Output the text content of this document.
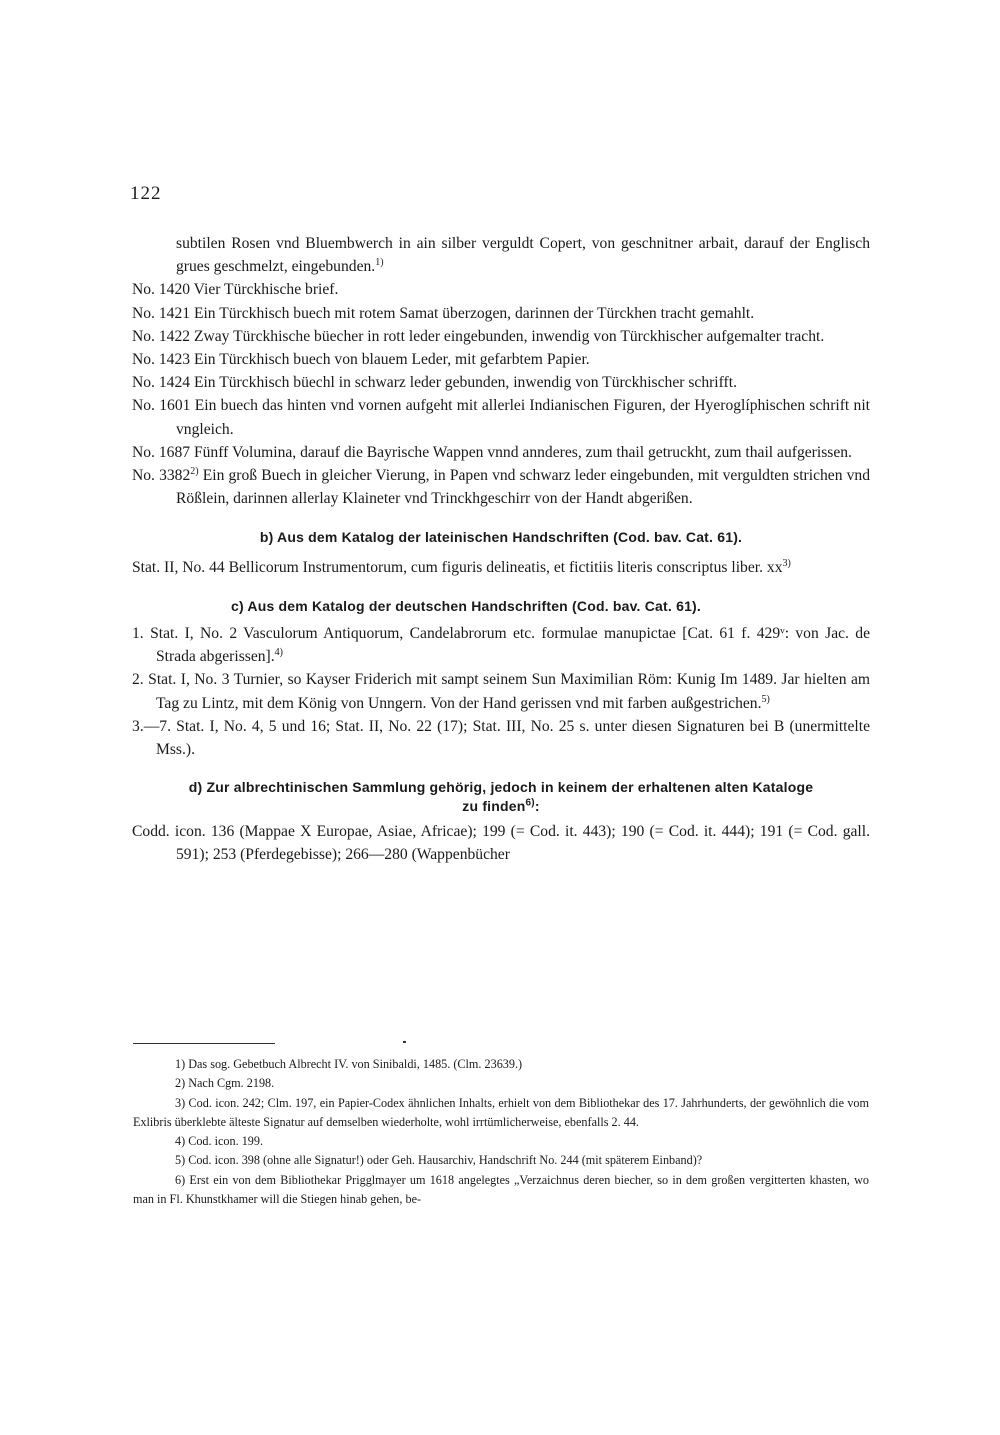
122
subtilen Rosen vnd Bluembwerch in ain silber verguldt Copert, von geschnitner arbait, darauf der Englisch grues geschmelzt, eingebunden.$^{1)}$
No. 1420 Vier Türckhische brief.
No. 1421 Ein Türckhisch buech mit rotem Samat überzogen, darinnen der Türckhen tracht gemahlt.
No. 1422 Zway Türckhische büecher in rott leder eingebunden, inwendig von Türckhischer aufgemalter tracht.
No. 1423 Ein Türckhisch buech von blauem Leder, mit gefarbtem Papier.
No. 1424 Ein Türckhisch büechl in schwarz leder gebunden, inwendig von Türckhischer schrifft.
No. 1601 Ein buech das hinten vnd vornen aufgeht mit allerlei Indianischen Figuren, der Hyeroglíphischen schrift nit vngleich.
No. 1687 Fünff Volumina, darauf die Bayrische Wappen vnnd annderes, zum thail getruckht, zum thail aufgerissen.
No. 3382$^{2)}$ Ein groß Buech in gleicher Vierung, in Papen vnd schwarz leder eingebunden, mit verguldten strichen vnd Rößlein, darinnen allerlay Klaineter vnd Trinckhgeschirr von der Handt abgerißen.
b) Aus dem Katalog der lateinischen Handschriften (Cod. bav. Cat. 61).
Stat. II, No. 44 Bellicorum Instrumentorum, cum figuris delineatis, et fictitiis literis conscriptus liber. $xx^{3)}$
c) Aus dem Katalog der deutschen Handschriften (Cod. bav. Cat. 61).
1. Stat. I, No. 2 Vasculorum Antiquorum, Candelabrorum etc. formulae manupictae [Cat. 61 f. 429ᵛ: von Jac. de Strada abgerissen].$^{4)}$
2. Stat. I, No. 3 Turnier, so Kayser Friderich mit sampt seinem Sun Maximilian Röm: Kunig Im 1489. Jar hielten am Tag zu Lintz, mit dem König von Unngern. Von der Hand gerissen vnd mit farben außgestrichen.$^{5)}$
3.—7. Stat. I, No. 4, 5 und 16; Stat. II, No. 22 (17); Stat. III, No. 25 s. unter diesen Signaturen bei B (unermittelte Mss.).
d) Zur albrechtinischen Sammlung gehörig, jedoch in keinem der erhaltenen alten Kataloge
zu finden$^{6)}$:
Codd. icon. 136 (Mappae X Europae, Asiae, Africae); 199 (= Cod. it. 443); 190 (= Cod. it. 444); 191 (= Cod. gall. 591); 253 (Pferdegebisse); 266—280 (Wappenbücher
1) Das sog. Gebetbuch Albrecht IV. von Sinibaldi, 1485. (Clm. 23639.)
2) Nach Cgm. 2198.
3) Cod. icon. 242; Clm. 197, ein Papier-Codex ähnlichen Inhalts, erhielt von dem Bibliothekar des 17. Jahrhunderts, der gewöhnlich die vom Exlibris überklebte älteste Signatur auf demselben wiederholte, wohl irrtümlicherweise, ebenfalls 2. 44.
4) Cod. icon. 199.
5) Cod. icon. 398 (ohne alle Signatur!) oder Geh. Hausarchiv, Handschrift No. 244 (mit späterem Einband)?
6) Erst ein von dem Bibliothekar Prigglmayer um 1618 angelegtes „Verzaichnus deren biecher, so in dem großen vergitterten khasten, wo man in Fl. Khunstkhamer will die Stiegen hinab gehen, be-
